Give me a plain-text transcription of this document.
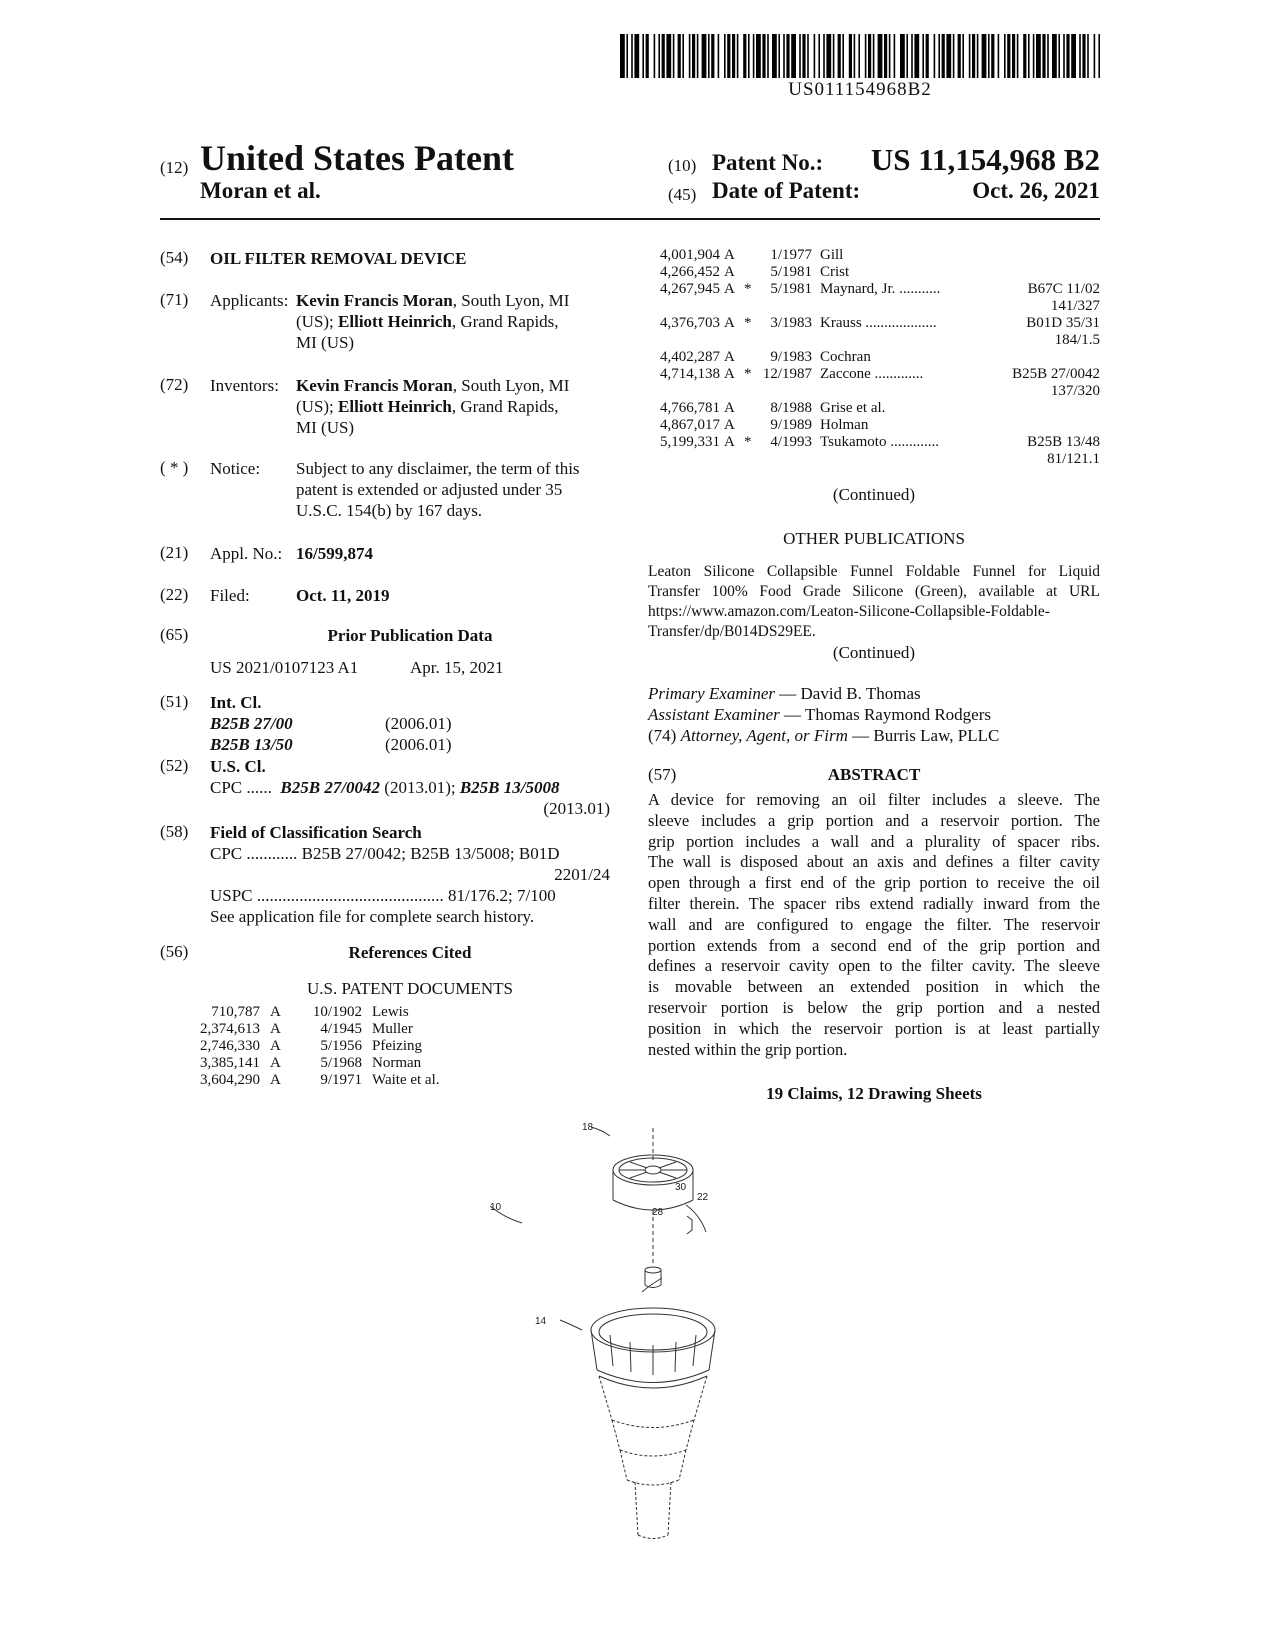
US011154968B2
(12) United States Patent
Moran et al.
(10) Patent No.:	US 11,154,968 B2
(45) Date of Patent:	Oct. 26, 2021
(54) OIL FILTER REMOVAL DEVICE
(71) Applicants: Kevin Francis Moran, South Lyon, MI
(US); Elliott Heinrich, Grand Rapids,
MI (US)
(72) Inventors: Kevin Francis Moran, South Lyon, MI
(US); Elliott Heinrich, Grand Rapids,
MI (US)
( * ) Notice: Subject to any disclaimer, the term of this
patent is extended or adjusted under 35
U.S.C. 154(b) by 167 days.
(21) Appl. No.: 16/599,874
(22) Filed:	Oct. 11, 2019
(65)	Prior Publication Data
US 2021/0107123 A1	Apr. 15, 2021
(51) Int. Cl.
B25B 27/00	(2006.01)
B25B 13/50	(2006.01)
(52) U.S. Cl.
CPC ...... B25B 27/0042 (2013.01); B25B 13/5008
(2013.01)
(58) Field of Classification Search
CPC ............ B25B 27/0042; B25B 13/5008; B01D
2201/24
USPC ............................................ 81/176.2; 7/100
See application file for complete search history.
(56)	References Cited
U.S. PATENT DOCUMENTS
710,787 A 10/1902 Lewis
2,374,613 A	4/1945 Muller
2,746,330 A	5/1956 Pfeizing
3,385,141 A	5/1968 Norman
3,604,290 A	9/1971 Waite et al.
4,001,904 A 1/1977 Gill
4,266,452 A 5/1981 Crist
4,267,945 A * 5/1981 Maynard, Jr. ...........	B67C 11/02
141/327
4,376,703 A * 3/1983 Krauss ...................	B01D 35/31
184/1.5
4,402,287 A 9/1983 Cochran
4,714,138 A * 12/1987 Zaccone .............	B25B 27/0042
137/320
4,766,781 A 8/1988 Grise et al.
4,867,017 A 9/1989 Holman
5,199,331 A * 4/1993 Tsukamoto .............	B25B 13/48
81/121.1
(Continued)
OTHER PUBLICATIONS
Leaton Silicone Collapsible Funnel Foldable Funnel for Liquid
Transfer 100% Food Grade Silicone (Green), available at URL
https://www.amazon.com/Leaton-Silicone-Collapsible-Foldable-
Transfer/dp/B014DS29EE.
(Continued)
Primary Examiner — David B. Thomas
Assistant Examiner — Thomas Raymond Rodgers
(74) Attorney, Agent, or Firm — Burris Law, PLLC
(57)	ABSTRACT
A device for removing an oil filter includes a sleeve. The
sleeve includes a grip portion and a reservoir portion. The
grip portion includes a wall and a plurality of spacer ribs.
The wall is disposed about an axis and defines a filter cavity
open through a first end of the grip portion to receive the oil
filter therein. The spacer ribs extend radially inward from the
wall and are configured to engage the filter. The reservoir
portion extends from a second end of the grip portion and
defines a reservoir cavity open to the filter cavity. The sleeve
is movable between an extended position in which the
reservoir portion is below the grip portion and a nested
position in which the reservoir portion is at least partially
nested within the grip portion.
19 Claims, 12 Drawing Sheets
18
30
22
10	28
14
